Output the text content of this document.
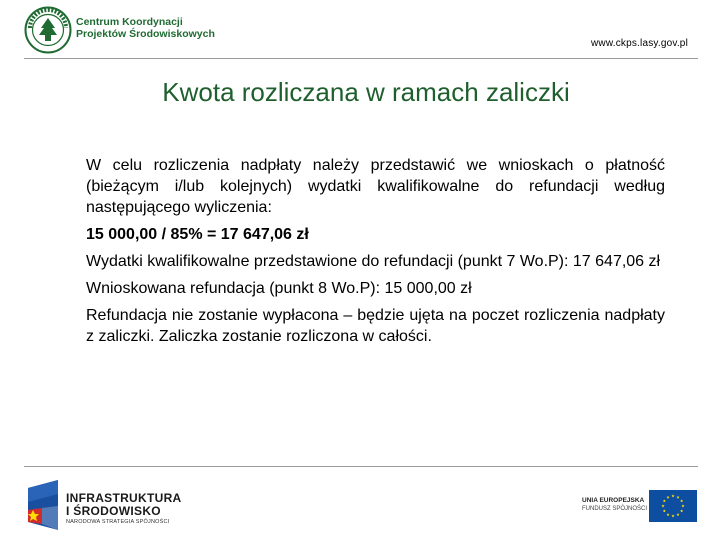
Centrum Koordynacji
Projektów Środowiskowych
www.ckps.lasy.gov.pl
Kwota rozliczana w ramach zaliczki

W celu rozliczenia nadpłaty należy przedstawić we wnioskach o płatność (bieżącym i/lub kolejnych) wydatki kwalifikowalne do refundacji według następującego wyliczenia:

15 000,00 / 85% = 17 647,06 zł

Wydatki kwalifikowalne przedstawione do refundacji (punkt 7 Wo.P): 17 647,06 zł

Wnioskowana refundacja (punkt 8 Wo.P): 15 000,00 zł

Refundacja nie zostanie wypłacona – będzie ujęta na poczet rozliczenia nadpłaty z zaliczki. Zaliczka zostanie rozliczona w całości.

INFRASTRUKTURA
I ŚRODOWISKO
NARODOWA STRATEGIA SPÓJNOŚCI
UNIA EUROPEJSKA
FUNDUSZ SPÓJNOŚCI
